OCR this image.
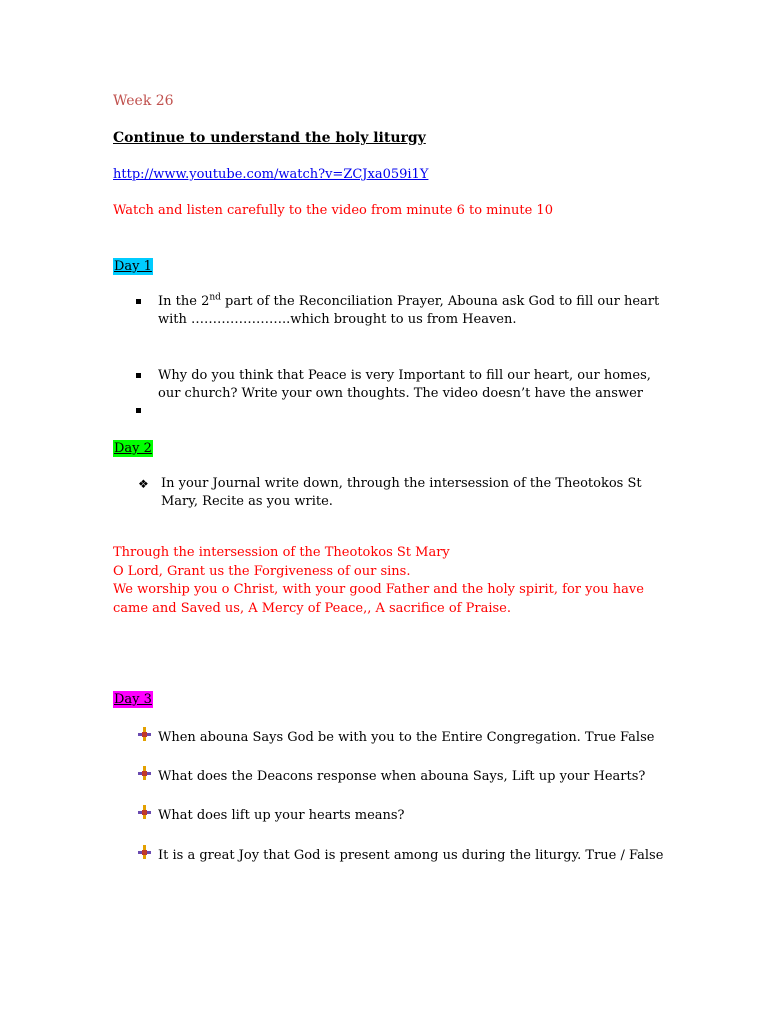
Week 26
Continue to understand the holy liturgy
http://www.youtube.com/watch?v=ZCJxa059i1Y
Watch and listen carefully to the video from minute 6 to minute 10
Day 1
In the 2nd part of the Reconciliation Prayer, Abouna ask God to fill our heart
with …………………..which brought to us from Heaven.
Why do you think that Peace is very Important to fill our heart, our homes,
our church? Write your own thoughts. The video doesn’t have the answer
Day 2
❖ In your Journal write down, through the intersession of the Theotokos St
Mary, Recite as you write.
Through the intersession of the Theotokos St Mary
O Lord, Grant us the Forgiveness of our sins.
We worship you o Christ, with your good Father and the holy spirit, for you have
came and Saved us, A Mercy of Peace,, A sacrifice of Praise.
Day 3
When abouna Says God be with you to the Entire Congregation. True False
What does the Deacons response when abouna Says, Lift up your Hearts?
What does lift up your hearts means?
It is a great Joy that God is present among us during the liturgy. True / False
